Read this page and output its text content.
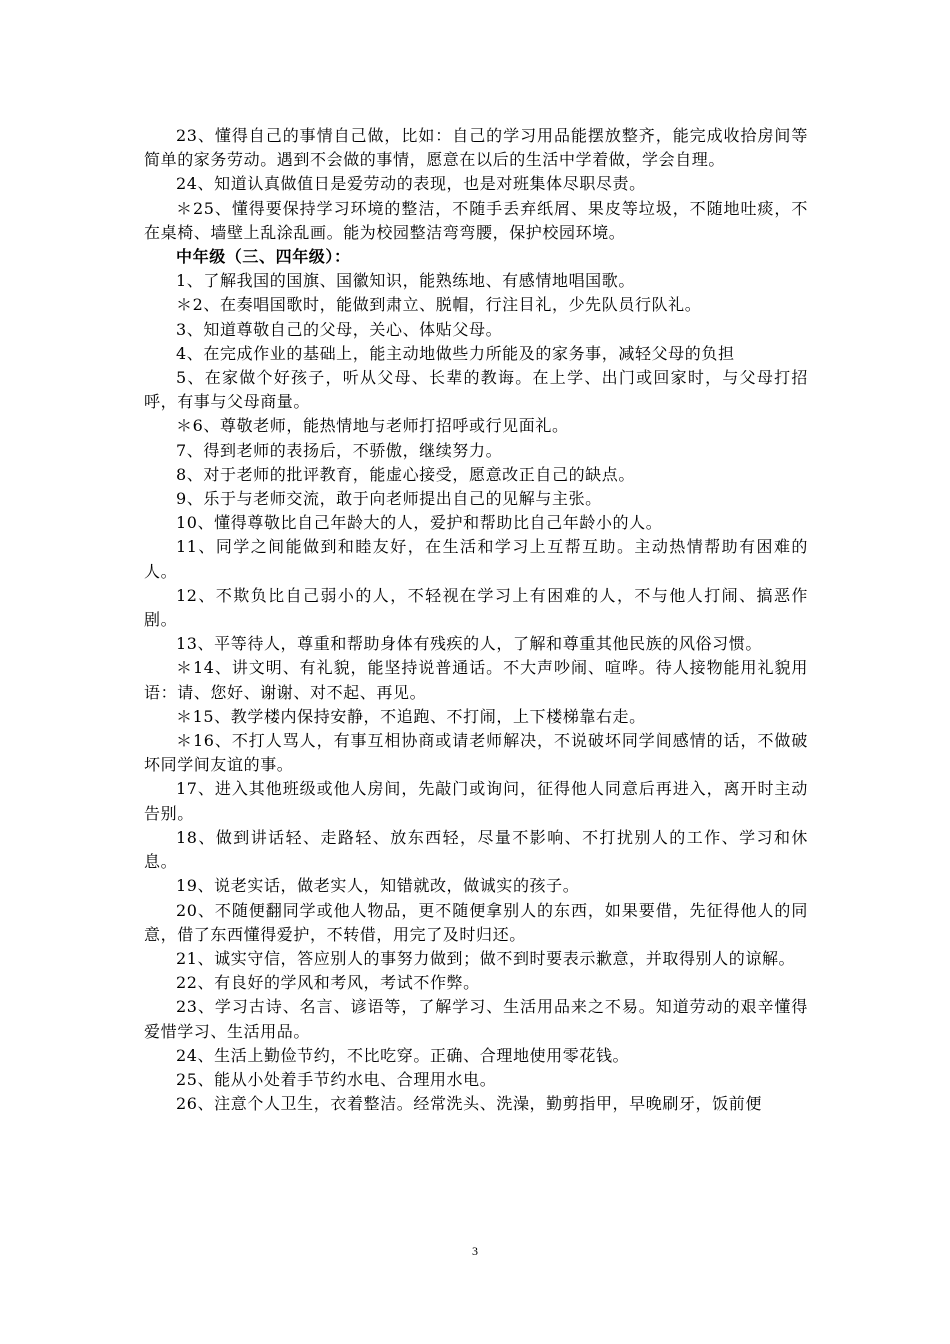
23、懂得自己的事情自己做，比如：自己的学习用品能摆放整齐，能完成收拾房间等简单的家务劳动。遇到不会做的事情，愿意在以后的生活中学着做，学会自理。

24、知道认真做值日是爱劳动的表现，也是对班集体尽职尽责。

＊25、懂得要保持学习环境的整洁，不随手丢弃纸屑、果皮等垃圾，不随地吐痰，不在桌椅、墙壁上乱涂乱画。能为校园整洁弯弯腰，保护校园环境。

中年级（三、四年级）：

1、了解我国的国旗、国徽知识，能熟练地、有感情地唱国歌。

＊2、在奏唱国歌时，能做到肃立、脱帽，行注目礼，少先队员行队礼。

3、知道尊敬自己的父母，关心、体贴父母。

4、在完成作业的基础上，能主动地做些力所能及的家务事，减轻父母的负担

5、在家做个好孩子，听从父母、长辈的教诲。在上学、出门或回家时，与父母打招呼，有事与父母商量。

＊6、尊敬老师，能热情地与老师打招呼或行见面礼。

7、得到老师的表扬后，不骄傲，继续努力。

8、对于老师的批评教育，能虚心接受，愿意改正自己的缺点。

9、乐于与老师交流，敢于向老师提出自己的见解与主张。

10、懂得尊敬比自己年龄大的人，爱护和帮助比自己年龄小的人。

11、同学之间能做到和睦友好，在生活和学习上互帮互助。主动热情帮助有困难的人。

12、不欺负比自己弱小的人，不轻视在学习上有困难的人，不与他人打闹、搞恶作剧。

13、平等待人，尊重和帮助身体有残疾的人，了解和尊重其他民族的风俗习惯。

＊14、讲文明、有礼貌，能坚持说普通话。不大声吵闹、喧哗。待人接物能用礼貌用语：请、您好、谢谢、对不起、再见。

＊15、教学楼内保持安静，不追跑、不打闹，上下楼梯靠右走。

＊16、不打人骂人，有事互相协商或请老师解决，不说破坏同学间感情的话，不做破坏同学间友谊的事。

17、进入其他班级或他人房间，先敲门或询问，征得他人同意后再进入，离开时主动告别。

18、做到讲话轻、走路轻、放东西轻，尽量不影响、不打扰别人的工作、学习和休息。

19、说老实话，做老实人，知错就改，做诚实的孩子。

20、不随便翻同学或他人物品，更不随便拿别人的东西，如果要借，先征得他人的同意，借了东西懂得爱护，不转借，用完了及时归还。

21、诚实守信，答应别人的事努力做到；做不到时要表示歉意，并取得别人的谅解。

22、有良好的学风和考风，考试不作弊。

23、学习古诗、名言、谚语等，了解学习、生活用品来之不易。知道劳动的艰辛懂得爱惜学习、生活用品。

24、生活上勤俭节约，不比吃穿。正确、合理地使用零花钱。

25、能从小处着手节约水电、合理用水电。

26、注意个人卫生，衣着整洁。经常洗头、洗澡，勤剪指甲，早晚刷牙，饭前便

3
